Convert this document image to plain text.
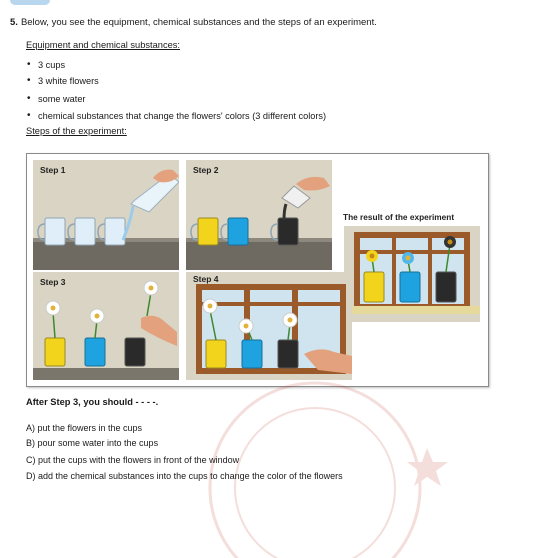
5. Below, you see the equipment, chemical substances and the steps of an experiment.
Equipment and chemical substances:
• 3 cups
• 3 white flowers
• some water
• chemical substances that change the flowers' colors (3 different colors)
Steps of the experiment:
Step 1	Step 2
The result of the experiment
Step 3	Step 4
After Step 3, you should - - - -.
A) put the flowers in the cups
B) pour some water into the cups
C) put the cups with the flowers in front of the window
D) add the chemical substances into the cups to change the color of the flowers
